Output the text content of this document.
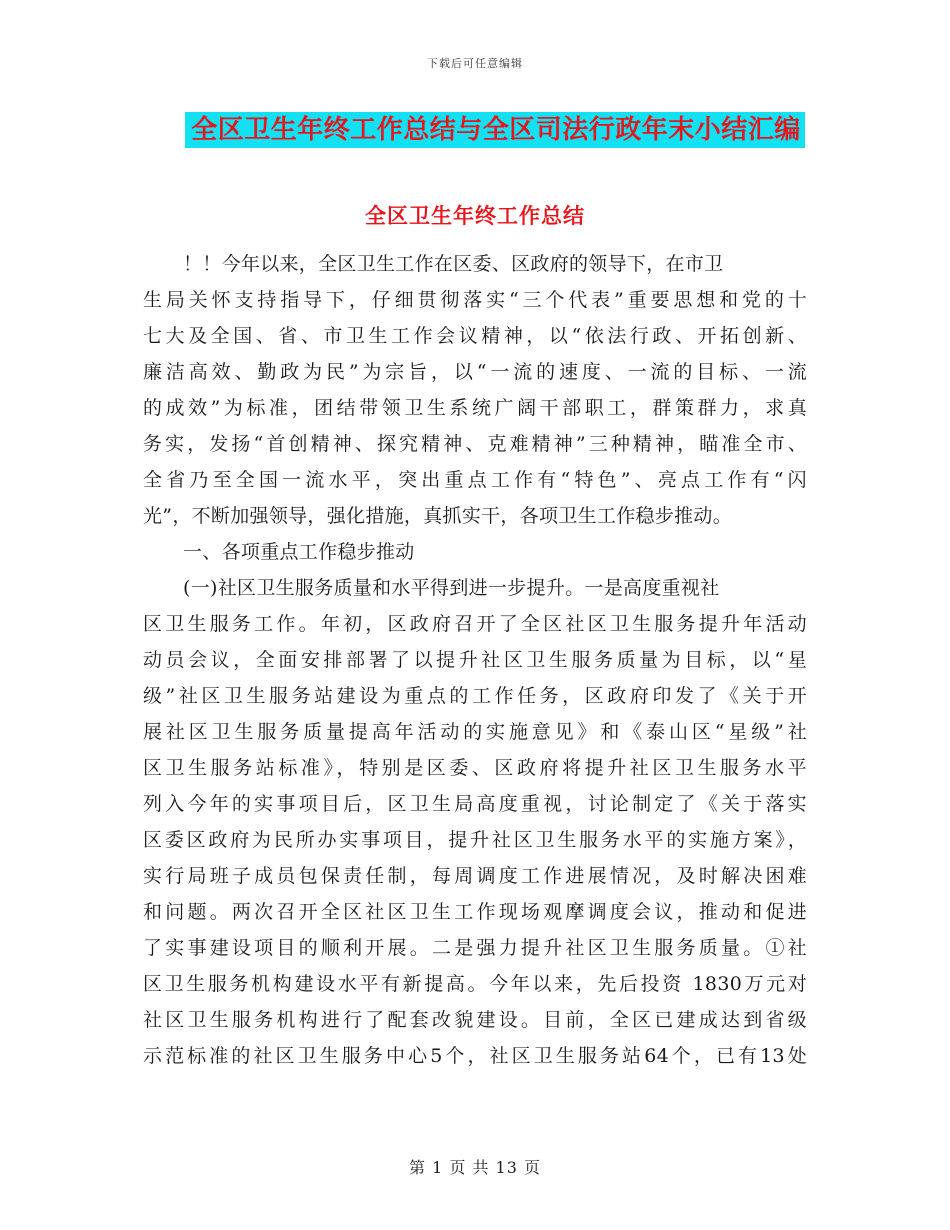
下载后可任意编辑
全区卫生年终工作总结与全区司法行政年末小结汇编
全区卫生年终工作总结
！！今年以来，全区卫生工作在区委、区政府的领导下，在市卫
生局关怀支持指导下，仔细贯彻落实“三个代表”重要思想和党的十
七大及全国、省、市卫生工作会议精神，以“依法行政、开拓创新、
廉洁高效、勤政为民”为宗旨，以“一流的速度、一流的目标、一流
的成效”为标准，团结带领卫生系统广阔干部职工，群策群力，求真
务实，发扬“首创精神、探究精神、克难精神”三种精神，瞄准全市、
全省乃至全国一流水平，突出重点工作有“特色”、亮点工作有“闪
光”，不断加强领导，强化措施，真抓实干，各项卫生工作稳步推动。
一、各项重点工作稳步推动
(一)社区卫生服务质量和水平得到进一步提升。一是高度重视社
区卫生服务工作。年初，区政府召开了全区社区卫生服务提升年活动
动员会议，全面安排部署了以提升社区卫生服务质量为目标，以“星
级”社区卫生服务站建设为重点的工作任务，区政府印发了《关于开
展社区卫生服务质量提高年活动的实施意见》和《泰山区“星级”社
区卫生服务站标准》，特别是区委、区政府将提升社区卫生服务水平
列入今年的实事项目后，区卫生局高度重视，讨论制定了《关于落实
区委区政府为民所办实事项目，提升社区卫生服务水平的实施方案》，
实行局班子成员包保责任制，每周调度工作进展情况，及时解决困难
和问题。两次召开全区社区卫生工作现场观摩调度会议，推动和促进
了实事建设项目的顺利开展。二是强力提升社区卫生服务质量。①社
区卫生服务机构建设水平有新提高。今年以来，先后投资 1830万元对
社区卫生服务机构进行了配套改貌建设。目前，全区已建成达到省级
示范标准的社区卫生服务中心5个，社区卫生服务站64个，已有13处
第 1 页 共 13 页
